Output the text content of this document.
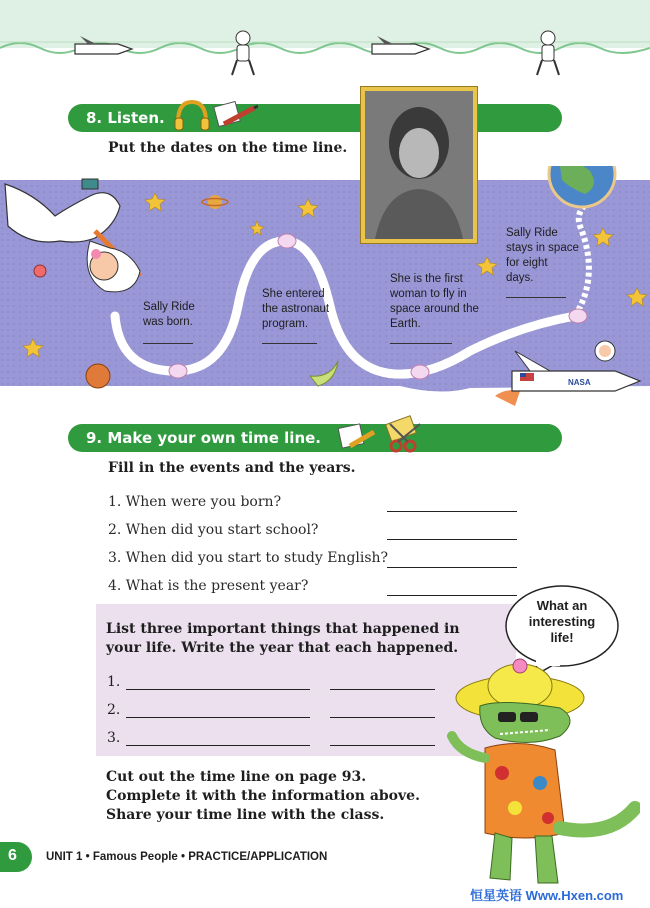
8. Listen.
Put the dates on the time line.
NASA
Sally Ride
was born.
She entered
the astronaut
program.
She is the first
woman to fly in
space around the
Earth.
Sally Ride
stays in space
for eight
days.
9. Make your own time line.
Fill in the events and the years.
1. When were you born?
2. When did you start school?
3. When did you start to study English?
4. What is the present year?
List three important things that happened in
your life. Write the year that each happened.
1.
2.
3.
Cut out the time line on page 93.
Complete it with the information above.
Share your time line with the class.
What an
interesting
life!
6	UNIT 1 • Famous People • PRACTICE/APPLICATION
恒星英语 Www.Hxen.com
